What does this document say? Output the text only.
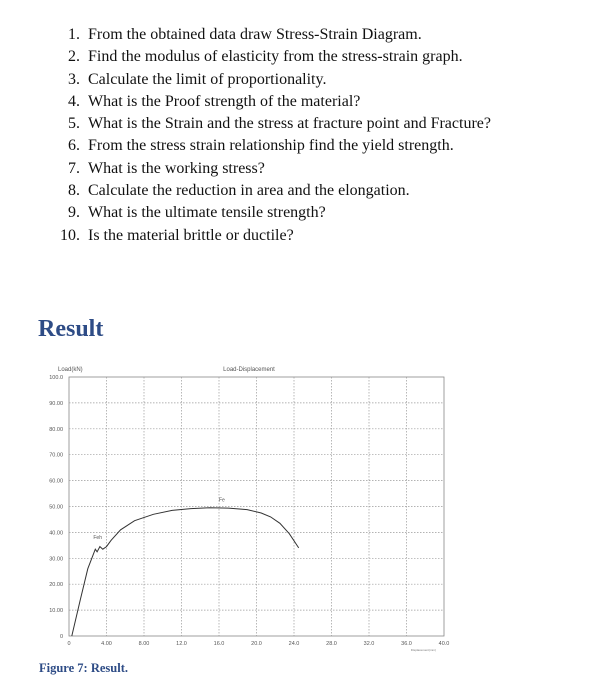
1. From the obtained data draw Stress-Strain Diagram.
2. Find the modulus of elasticity from the stress-strain graph.
3. Calculate the limit of proportionality.
4. What is the Proof strength of the material?
5. What is the Strain and the stress at fracture point and Fracture?
6. From the stress strain relationship find the yield strength.
7. What is the working stress?
8. Calculate the reduction in area and the elongation.
9. What is the ultimate tensile strength?
10. Is the material brittle or ductile?
Result
0
10.00
20.00
30.00
40.00
50.00
60.00
70.00
80.00
90.00
100.0
0	4.00	8.00	12.0	16.0	20.0	24.0	28.0	32.0	36.0	40.0
Load(kN)	Load-Displacement
Displacement(mm)
Fe
Feh

Figure 7: Result.
